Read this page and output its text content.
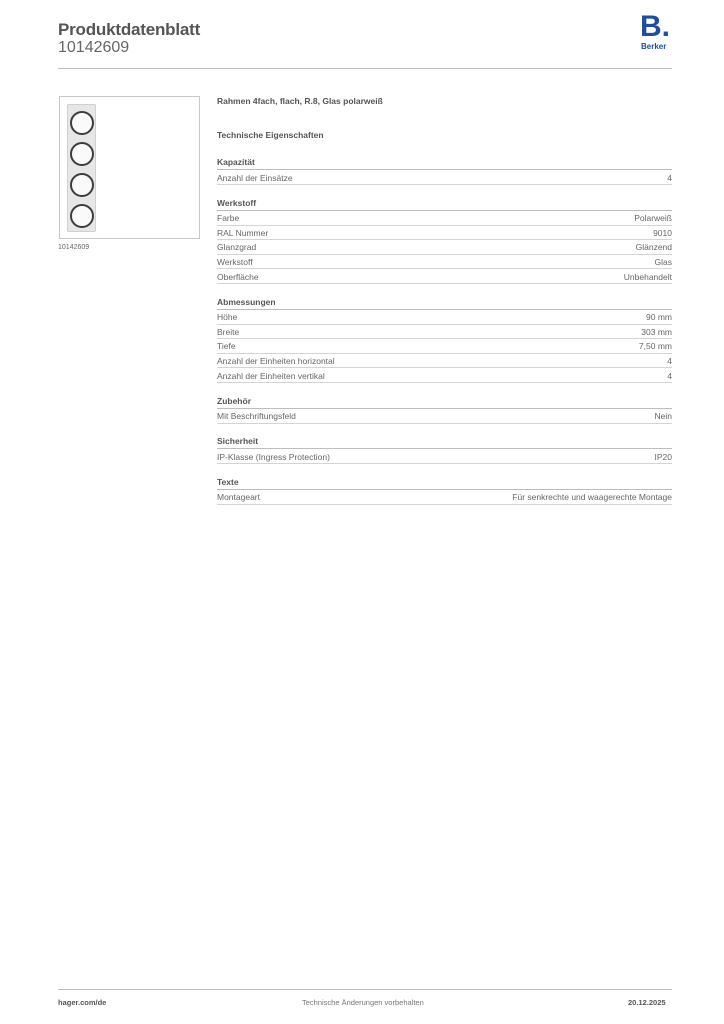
Produktdatenblatt
10142609
B.
Berker
10142609
Rahmen 4fach, flach, R.8, Glas polarweiß
Technische Eigenschaften
Kapazität
Anzahl der Einsätze	4
Werkstoff
Farbe	Polarweiß
RAL Nummer	9010
Glanzgrad	Glänzend
Werkstoff	Glas
Oberfläche	Unbehandelt
Abmessungen
Höhe	90 mm
Breite	303 mm
Tiefe	7,50 mm
Anzahl der Einheiten horizontal	4
Anzahl der Einheiten vertikal	4
Zubehör
Mit Beschriftungsfeld	Nein
Sicherheit
IP-Klasse (Ingress Protection)	IP20
Texte
Montageart	Für senkrechte und waagerechte Montage
hager.com/de	Technische Änderungen vorbehalten	20.12.2025
